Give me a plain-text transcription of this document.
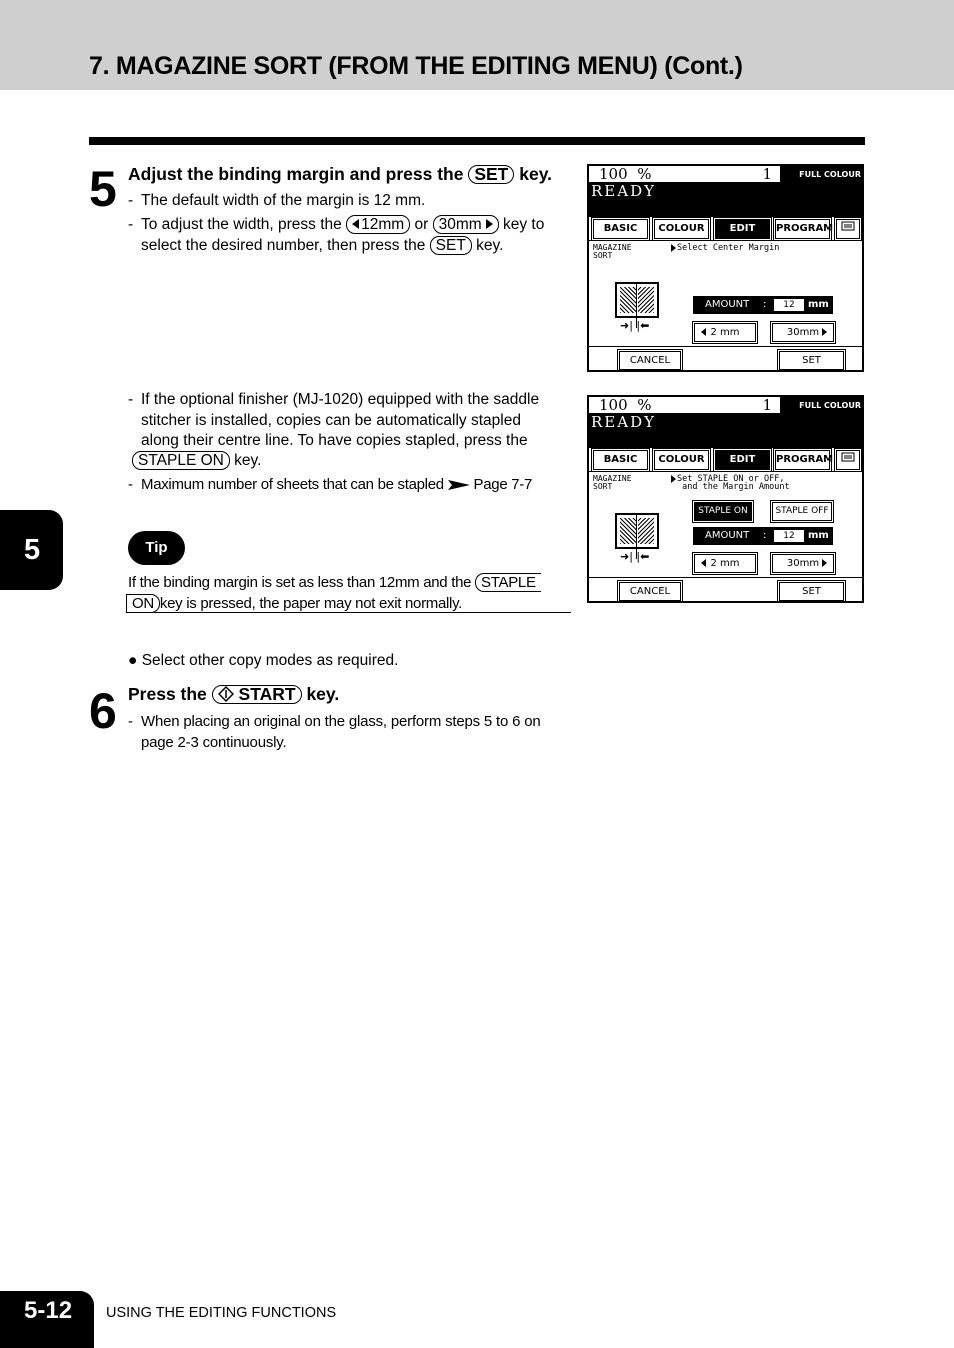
7. MAGAZINE SORT (FROM THE EDITING MENU) (Cont.)
5 Adjust the binding margin and press the SET key.
- The default width of the margin is 12 mm.
- To adjust the width, press the 12mm or 30mm key to
select the desired number, then press the SET key.
- If the optional finisher (MJ-1020) equipped with the saddle
stitcher is installed, copies can be automatically stapled
along their centre line. To have copies stapled, press the
STAPLE ON key.
- Maximum number of sheets that can be stapled Page 7-7
5	Tip
If the binding margin is set as less than 12mm and the STAPLE
ON key is pressed, the paper may not exit normally.
● Select other copy modes as required.
6 Press the START key.
- When placing an original on the glass, perform steps 5 to 6 on
page 2-3 continuously.
100 %	1
READY
FULL COLOUR
BASIC	COLOUR	EDIT	PROGRAM
MAGAZINE
SORT
Select Center Margin
➜| |⬅
AMOUNT :	12	mm
2 mm	30mm
CANCEL	SET
100 %	1
READY
FULL COLOUR
BASIC	COLOUR	EDIT	PROGRAM
MAGAZINE
SORT
Set STAPLE ON or OFF,
and the Margin Amount
STAPLE ON	STAPLE OFF
➜| |⬅
AMOUNT :	12	mm
2 mm	30mm
CANCEL	SET
5-12 USING THE EDITING FUNCTIONS
